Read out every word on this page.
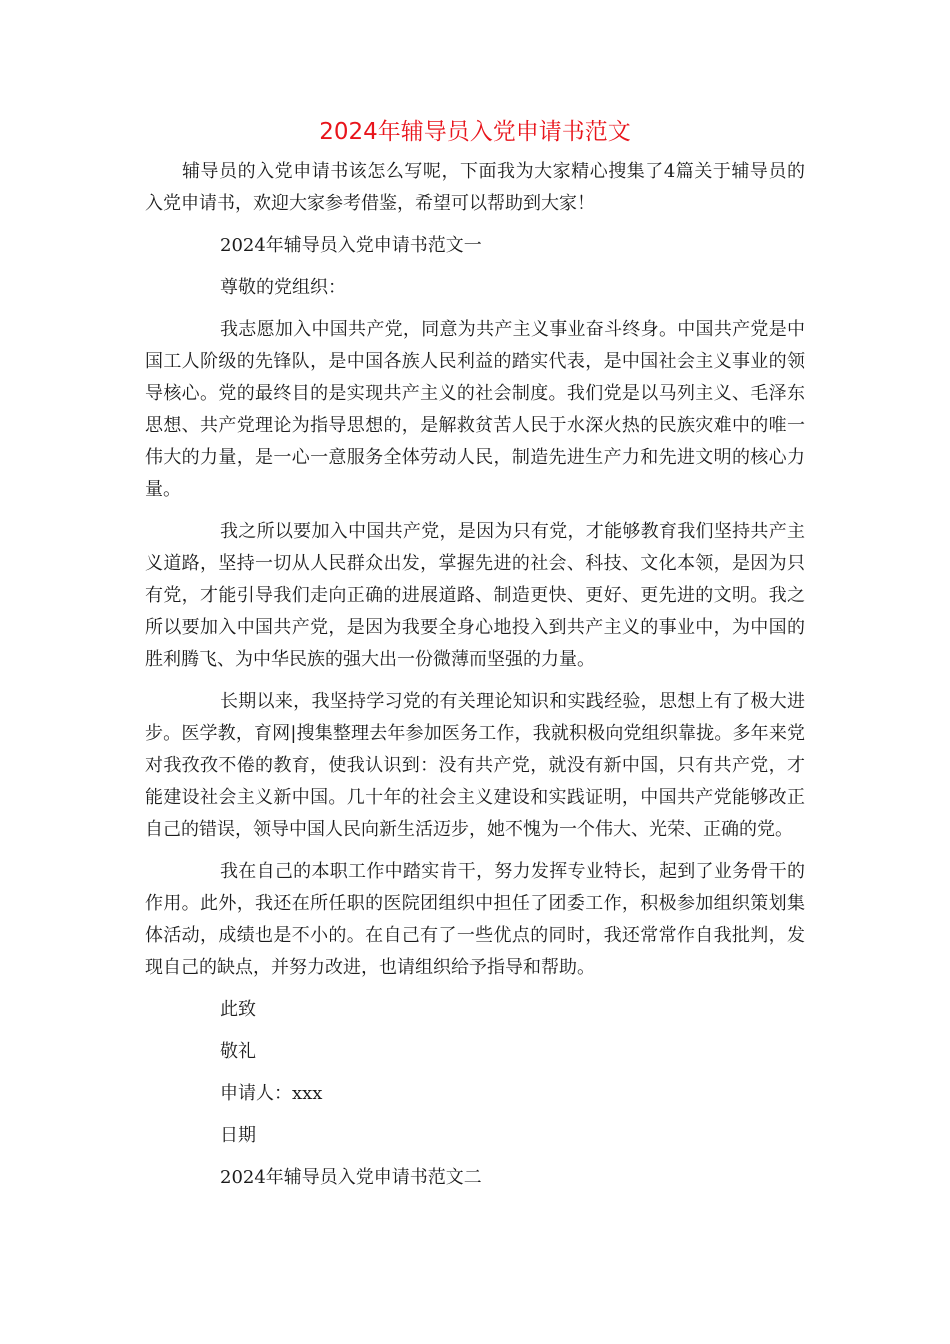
2024年辅导员入党申请书范文

辅导员的入党申请书该怎么写呢，下面我为大家精心搜集了4篇关于辅导员的入党申请书，欢迎大家参考借鉴，希望可以帮助到大家！

2024年辅导员入党申请书范文一

尊敬的党组织：

我志愿加入中国共产党，同意为共产主义事业奋斗终身。中国共产党是中国工人阶级的先锋队，是中国各族人民利益的踏实代表，是中国社会主义事业的领导核心。党的最终目的是实现共产主义的社会制度。我们党是以马列主义、毛泽东思想、共产党理论为指导思想的，是解救贫苦人民于水深火热的民族灾难中的唯一伟大的力量，是一心一意服务全体劳动人民，制造先进生产力和先进文明的核心力量。

我之所以要加入中国共产党，是因为只有党，才能够教育我们坚持共产主义道路，坚持一切从人民群众出发，掌握先进的社会、科技、文化本领，是因为只有党，才能引导我们走向正确的进展道路、制造更快、更好、更先进的文明。我之所以要加入中国共产党，是因为我要全身心地投入到共产主义的事业中，为中国的胜利腾飞、为中华民族的强大出一份微薄而坚强的力量。

长期以来，我坚持学习党的有关理论知识和实践经验，思想上有了极大进步。医学教，育网|搜集整理去年参加医务工作，我就积极向党组织靠拢。多年来党对我孜孜不倦的教育，使我认识到：没有共产党，就没有新中国，只有共产党，才能建设社会主义新中国。几十年的社会主义建设和实践证明，中国共产党能够改正自己的错误，领导中国人民向新生活迈步，她不愧为一个伟大、光荣、正确的党。

我在自己的本职工作中踏实肯干，努力发挥专业特长，起到了业务骨干的作用。此外，我还在所任职的医院团组织中担任了团委工作，积极参加组织策划集体活动，成绩也是不小的。在自己有了一些优点的同时，我还常常作自我批判，发现自己的缺点，并努力改进，也请组织给予指导和帮助。

此致

敬礼

申请人：xxx

日期

2024年辅导员入党申请书范文二
